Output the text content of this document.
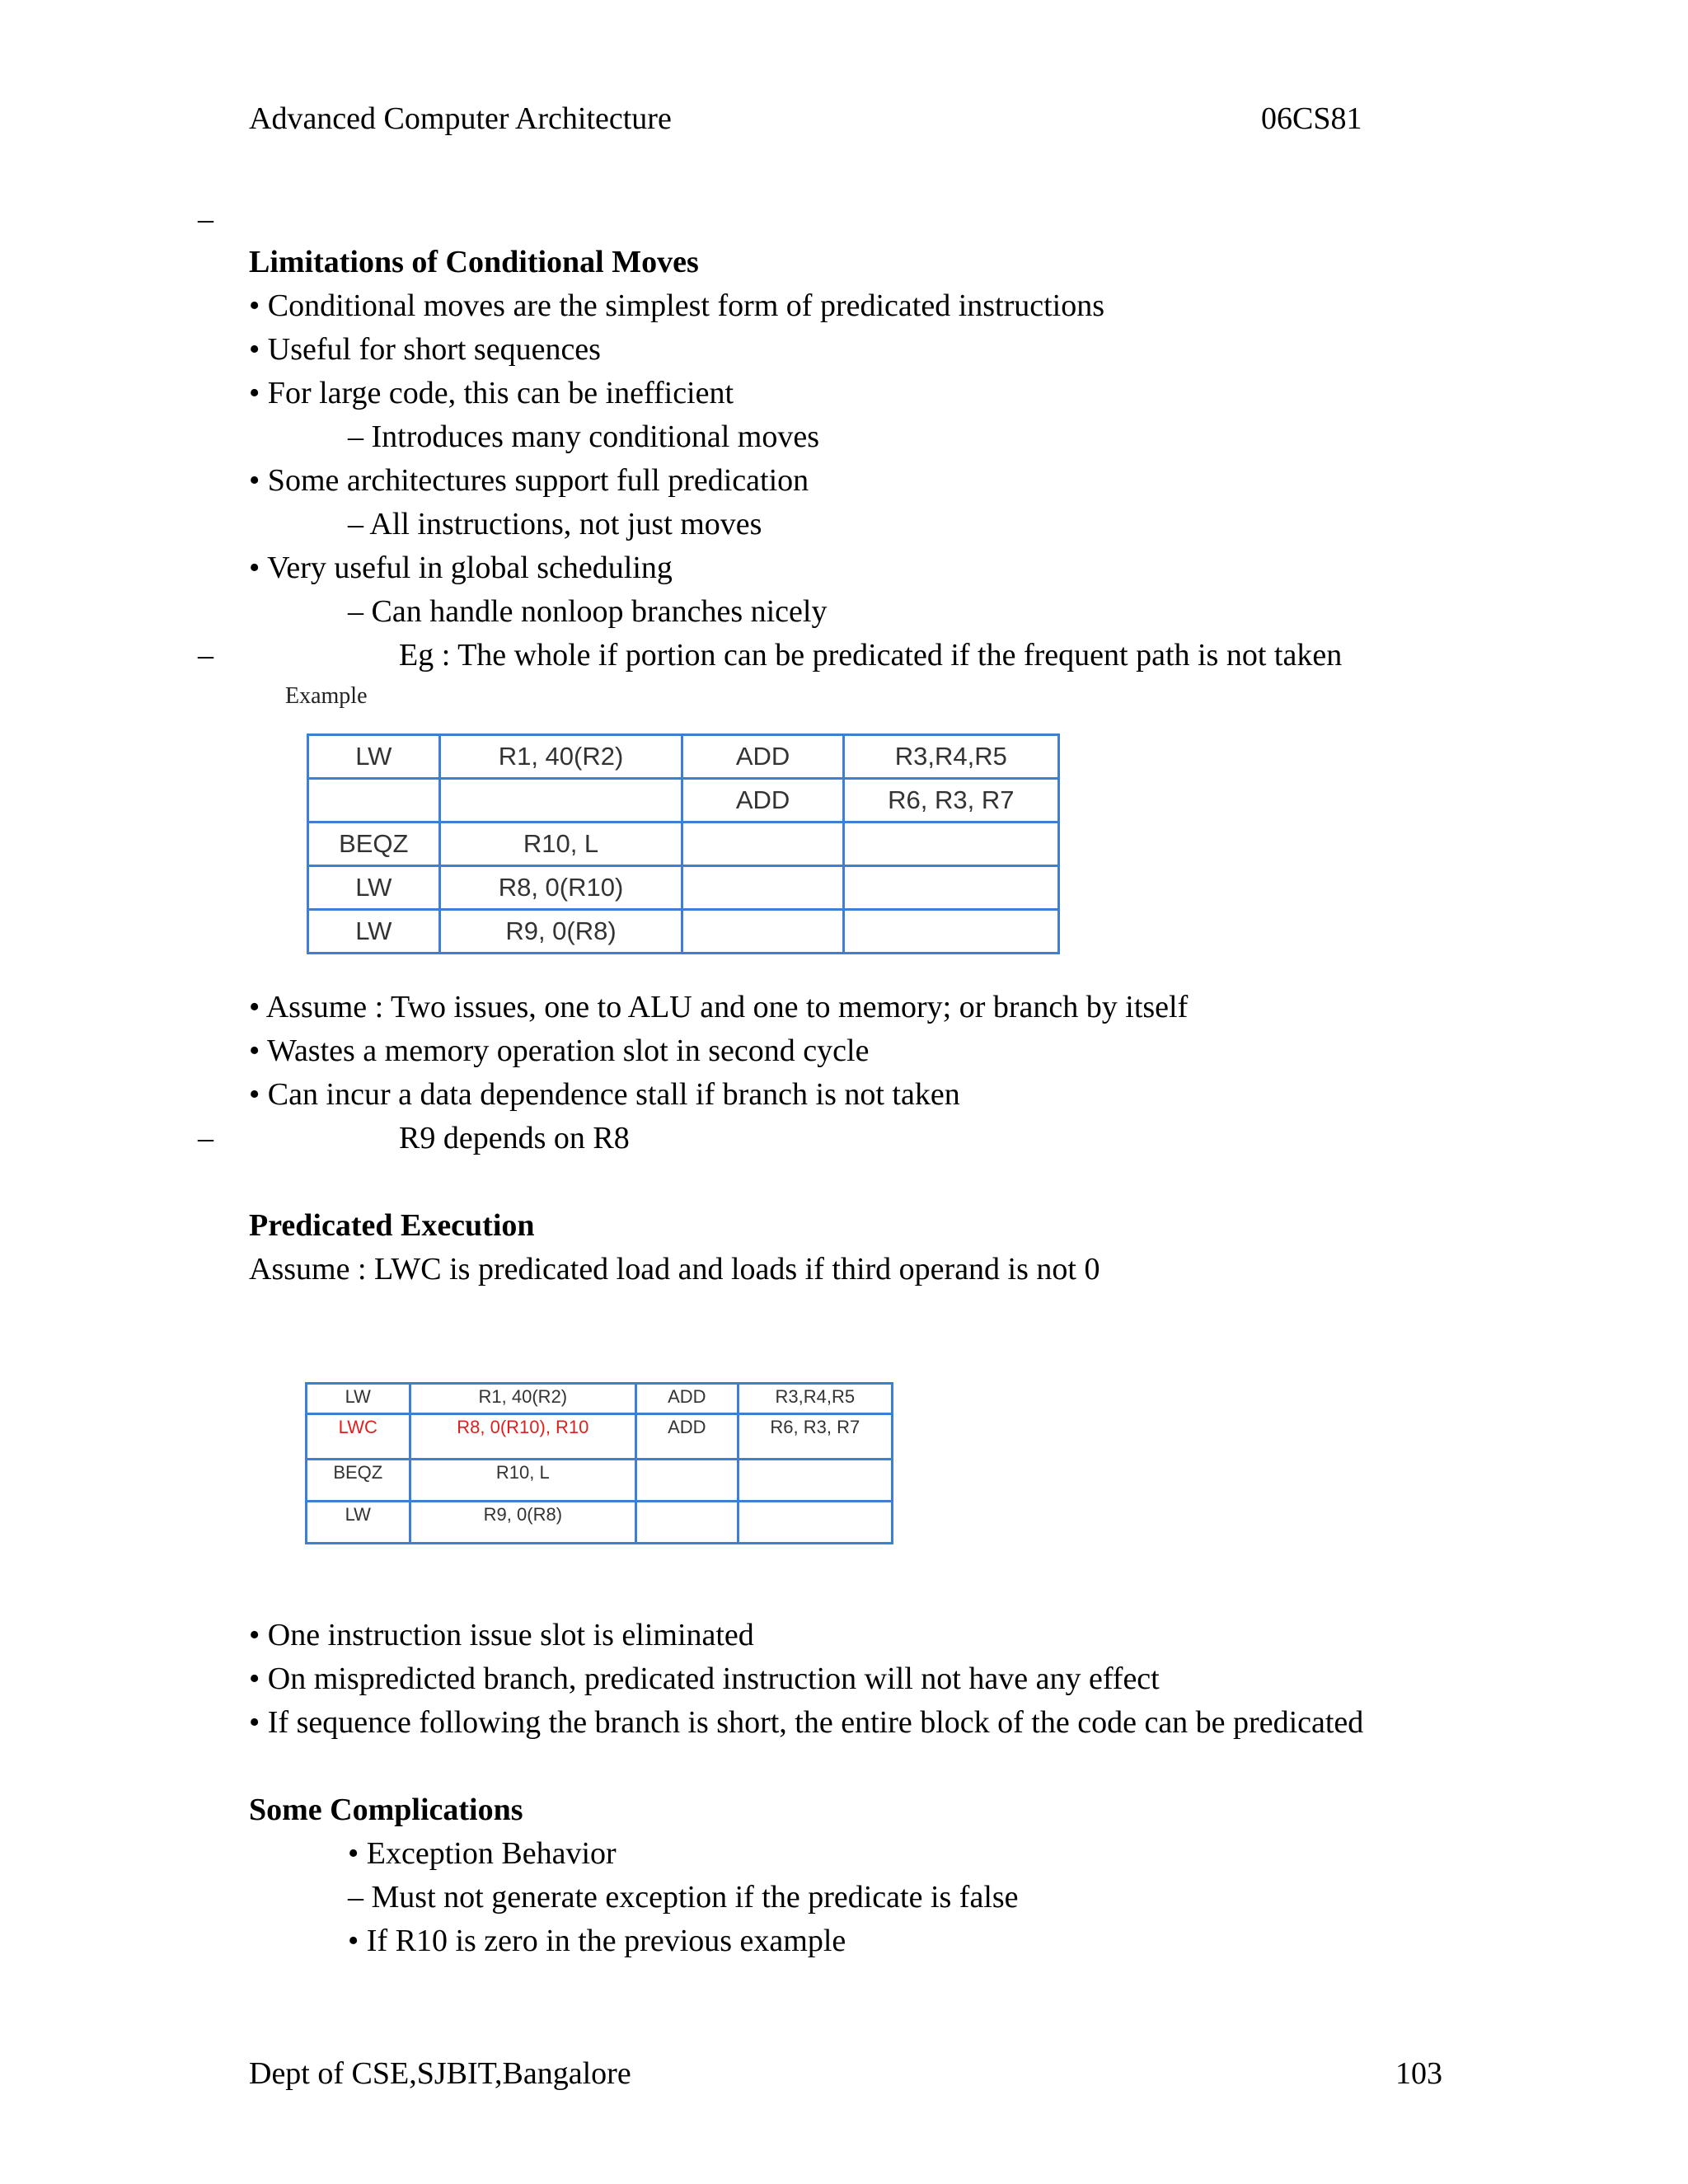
Advanced Computer Architecture	06CS81
–
Limitations of Conditional Moves
• Conditional moves are the simplest form of predicated instructions
• Useful for short sequences
• For large code, this can be inefficient
– Introduces many conditional moves
• Some architectures support full predication
– All instructions, not just moves
• Very useful in global scheduling
– Can handle nonloop branches nicely
–	Eg : The whole if portion can be predicated if the frequent path is not taken
Example
LW	R1, 40(R2)	ADD	R3,R4,R5
		ADD	R6, R3, R7
BEQZ	R10, L		
LW	R8, 0(R10)		
LW	R9, 0(R8)		
• Assume : Two issues, one to ALU and one to memory; or branch by itself
• Wastes a memory operation slot in second cycle
• Can incur a data dependence stall if branch is not taken
–	R9 depends on R8
Predicated Execution
Assume : LWC is predicated load and loads if third operand is not 0
LW	R1, 40(R2)	ADD	R3,R4,R5
LWC	R8, 0(R10), R10	ADD	R6, R3, R7
BEQZ	R10, L		
LW	R9, 0(R8)		
• One instruction issue slot is eliminated
• On mispredicted branch, predicated instruction will not have any effect
• If sequence following the branch is short, the entire block of the code can be predicated
Some Complications
• Exception Behavior
– Must not generate exception if the predicate is false
• If R10 is zero in the previous example
Dept of CSE,SJBIT,Bangalore	103
